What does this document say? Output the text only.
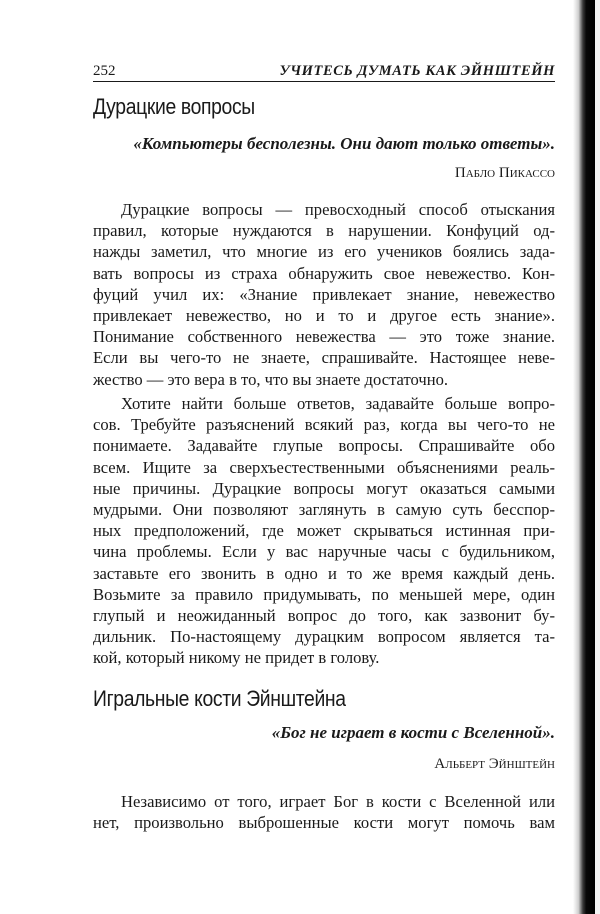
252	УЧИТЕСЬ ДУМАТЬ КАК ЭЙНШТЕЙН
Дурацкие вопросы
«Компьютеры бесполезны. Они дают только ответы».
Пабло Пикассо
Дурацкие вопросы — превосходный способ отыскания
правил, которые нуждаются в нарушении. Конфуций од-
нажды заметил, что многие из его учеников боялись зада-
вать вопросы из страха обнаружить свое невежество. Кон-
фуций учил их: «Знание привлекает знание, невежество
привлекает невежество, но и то и другое есть знание».
Понимание собственного невежества — это тоже знание.
Если вы чего-то не знаете, спрашивайте. Настоящее неве-
жество — это вера в то, что вы знаете достаточно.
Хотите найти больше ответов, задавайте больше вопро-
сов. Требуйте разъяснений всякий раз, когда вы чего-то не
понимаете. Задавайте глупые вопросы. Спрашивайте обо
всем. Ищите за сверхъестественными объяснениями реаль-
ные причины. Дурацкие вопросы могут оказаться самыми
мудрыми. Они позволяют заглянуть в самую суть бесспор-
ных предположений, где может скрываться истинная при-
чина проблемы. Если у вас наручные часы с будильником,
заставьте его звонить в одно и то же время каждый день.
Возьмите за правило придумывать, по меньшей мере, один
глупый и неожиданный вопрос до того, как зазвонит бу-
дильник. По-настоящему дурацким вопросом является та-
кой, который никому не придет в голову.
Игральные кости Эйнштейна
«Бог не играет в кости с Вселенной».
Альберт Эйнштейн
Независимо от того, играет Бог в кости с Вселенной или
нет, произвольно выброшенные кости могут помочь вам
